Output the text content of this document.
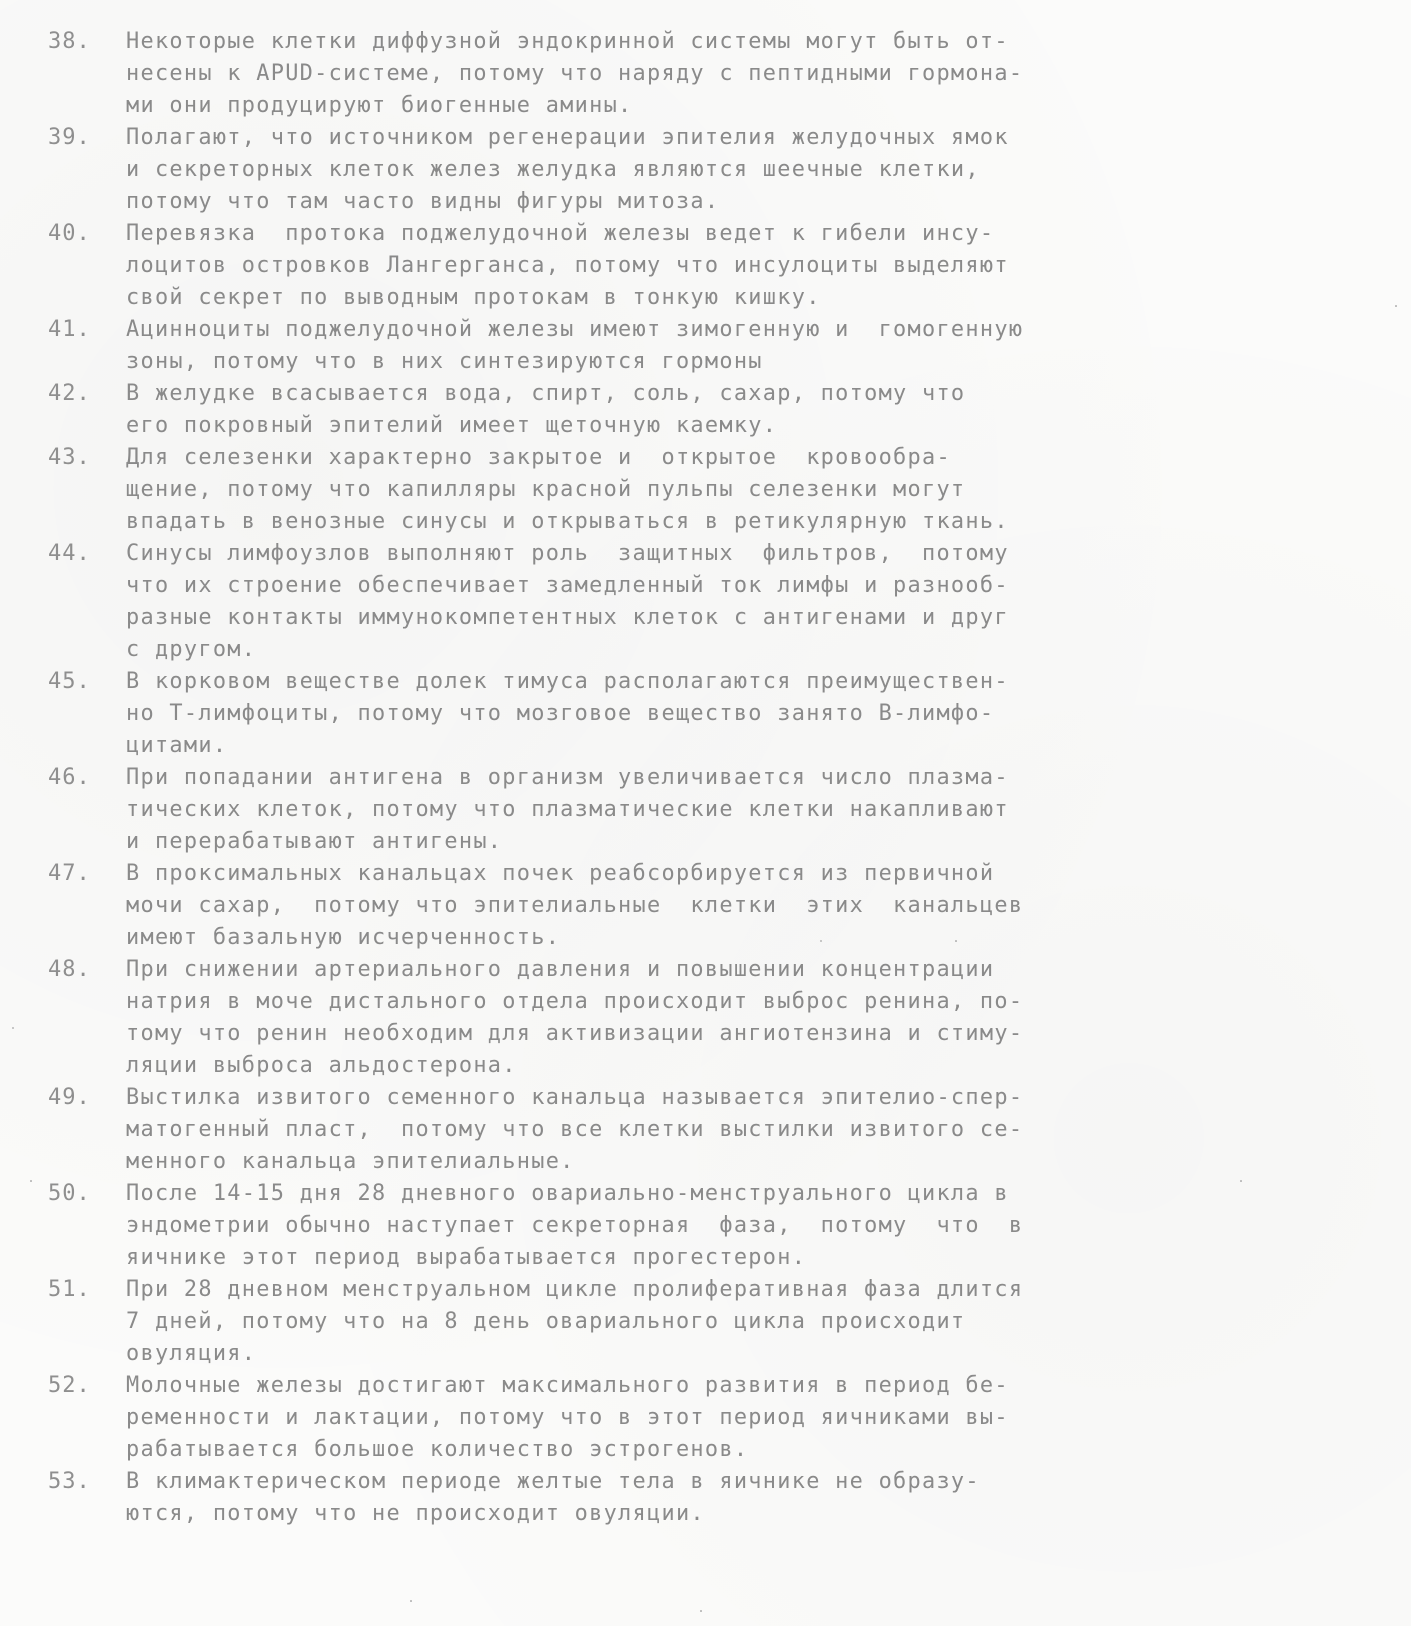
38.	Некоторые клетки диффузной эндокринной системы могут быть от-
несены к APUD-системе, потому что наряду с пептидными гормона-
ми они продуцируют биогенные амины.
39.	Полагают, что источником регенерации эпителия желудочных ямок
и секреторных клеток желез желудка являются шеечные клетки,
потому что там часто видны фигуры митоза.
40.	Перевязка  протока поджелудочной железы ведет к гибели инсу-
лоцитов островков Лангерганса, потому что инсулоциты выделяют
свой секрет по выводным протокам в тонкую кишку.
41.	Ацинноциты поджелудочной железы имеют зимогенную и  гомогенную
зоны, потому что в них синтезируются гормоны
42.	В желудке всасывается вода, спирт, соль, сахар, потому что
его покровный эпителий имеет щеточную каемку.
43.	Для селезенки характерно закрытое и  открытое  кровообра-
щение, потому что капилляры красной пульпы селезенки могут
впадать в венозные синусы и открываться в ретикулярную ткань.
44.	Синусы лимфоузлов выполняют роль  защитных  фильтров,  потому
что их строение обеспечивает замедленный ток лимфы и разнооб-
разные контакты иммунокомпетентных клеток с антигенами и друг
с другом.
45.	В корковом веществе долек тимуса располагаются преимуществен-
но Т-лимфоциты, потому что мозговое вещество занято В-лимфо-
цитами.
46.	При попадании антигена в организм увеличивается число плазма-
тических клеток, потому что плазматические клетки накапливают
и перерабатывают антигены.
47.	В проксимальных канальцах почек реабсорбируется из первичной
мочи сахар,  потому что эпителиальные  клетки  этих  канальцев
имеют базальную исчерченность.
48.	При снижении артериального давления и повышении концентрации
натрия в моче дистального отдела происходит выброс ренина, по-
тому что ренин необходим для активизации ангиотензина и стиму-
ляции выброса альдостерона.
49.	Выстилка извитого семенного канальца называется эпителио-спер-
матогенный пласт,  потому что все клетки выстилки извитого се-
менного канальца эпителиальные.
50.	После 14-15 дня 28 дневного овариально-менструального цикла в
эндометрии обычно наступает секреторная  фаза,  потому  что  в
яичнике этот период вырабатывается прогестерон.
51.	При 28 дневном менструальном цикле пролиферативная фаза длится
7 дней, потому что на 8 день овариального цикла происходит
овуляция.
52.	Молочные железы достигают максимального развития в период бе-
ременности и лактации, потому что в этот период яичниками вы-
рабатывается большое количество эстрогенов.
53.	В климактерическом периоде желтые тела в яичнике не образу-
ются, потому что не происходит овуляции.
